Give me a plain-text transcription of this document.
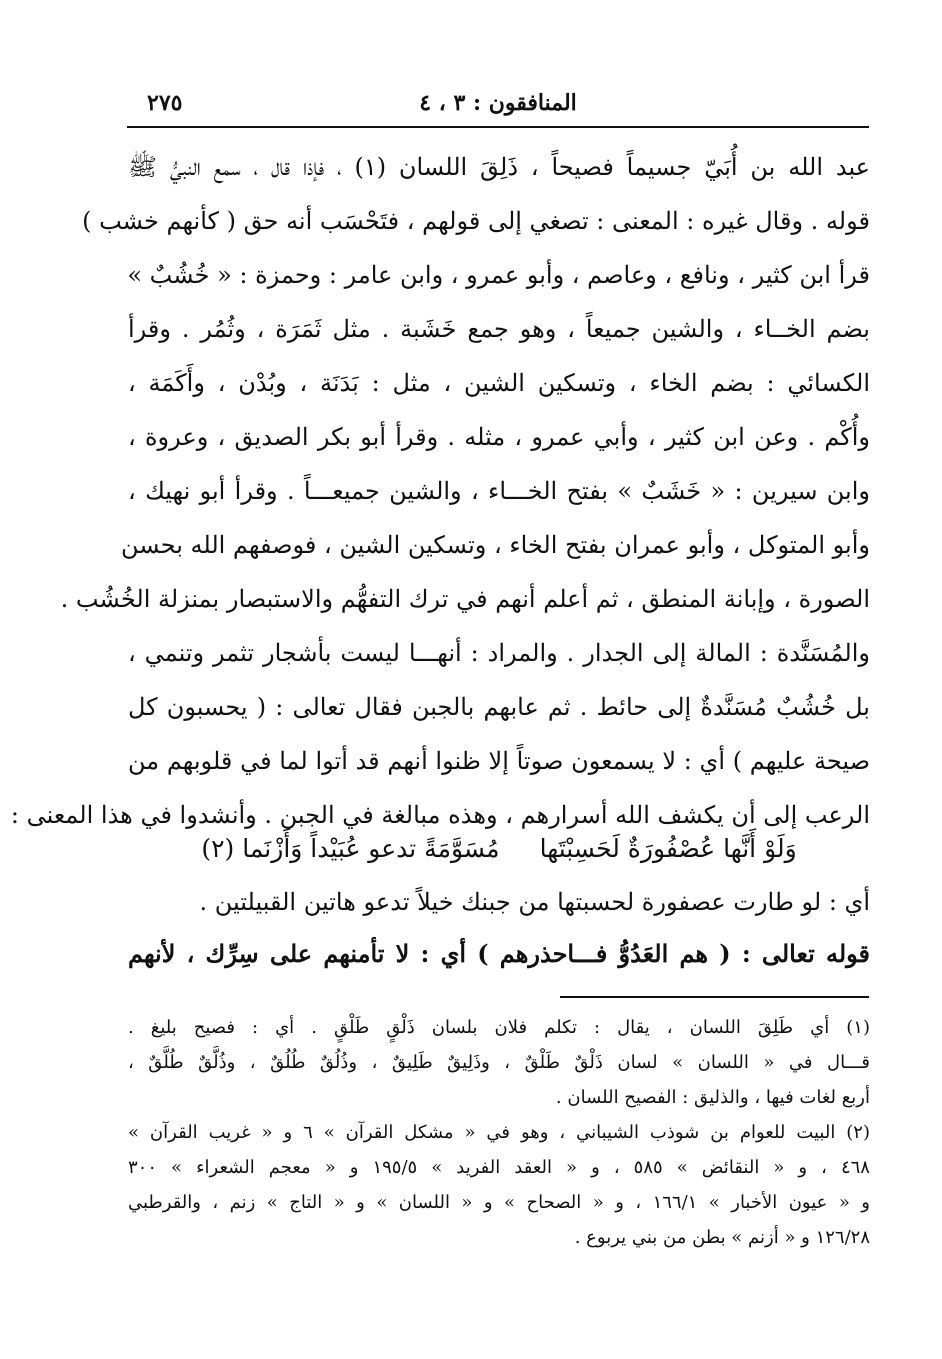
٢٧٥	المنافقون : ٣ ، ٤
عبد الله بن أُبَيّ جسيماً فصيحاً ، ذَلِقَ اللسان (١) ، فإذا قال ، سمع النبيُّ ﷺ
قوله . وقال غيره : المعنى : تصغي إلى قولهم ، فتَحْسَب أنه حق ( كأنهم خشب )
قرأ ابن كثير ، ونافع ، وعاصم ، وأبو عمرو ، وابن عامر : وحمزة : « خُشُبٌ »
بضم الخــاء ، والشين جميعاً ، وهو جمع خَشَبة . مثل ثَمَرَة ، وثُمُر . وقرأ
الكسائي : بضم الخاء ، وتسكين الشين ، مثل : بَدَنَة ، وبُدْن ، وأَكَمَة ،
وأُكْم . وعن ابن كثير ، وأبي عمرو ، مثله . وقرأ أبو بكر الصديق ، وعروة ،
وابن سيرين : « خَشَبٌ » بفتح الخـــاء ، والشين جميعـــاً . وقرأ أبو نهيك ،
وأبو المتوكل ، وأبو عمران بفتح الخاء ، وتسكين الشين ، فوصفهم الله بحسن
الصورة ، وإبانة المنطق ، ثم أعلم أنهم في ترك التفهُّم والاستبصار بمنزلة الخُشُب .
والمُسَنَّدة : المالة إلى الجدار . والمراد : أنهـــا ليست بأشجار تثمر وتنمي ،
بل خُشُبٌ مُسَنَّدةٌ إلى حائط . ثم عابهم بالجبن فقال تعالى : ( يحسبون كل
صيحة عليهم ) أي : لا يسمعون صوتاً إلا ظنوا أنهم قد أتوا لما في قلوبهم من
الرعب إلى أن يكشف الله أسرارهم ، وهذه مبالغة في الجبن . وأنشدوا في هذا المعنى :
وَلَوْ أَنَّها عُصْفُورَةٌ لَحَسِبْتَهامُسَوَّمَةً تدعو عُبَيْداً وَأَزْنَما (٢)
أي : لو طارت عصفورة لحسبتها من جبنك خيلاً تدعو هاتين القبيلتين .
قوله تعالى : ( هم العَدُوُّ فـــاحذرهم ) أي : لا تأمنهم على سِرِّك ، لأنهم
(١) أي طَلِقَ اللسان ، يقال : تكلم فلان بلسان ذَلْقٍ طَلْقٍ . أي : فصيح بليغ .
قـــال في « اللسان » لسان ذَلْقٌ طَلْقٌ ، وذَلِيقٌ طَلِيقٌ ، وذُلُقٌ طُلُقٌ ، وذُلَّقٌ طُلَّقٌ ،
أربع لغات فيها ، والذليق : الفصيح اللسان .
(٢) البيت للعوام بن شوذب الشيباني ، وهو في « مشكل القرآن » ٦ و « غريب القرآن »
٤٦٨ ، و « النقائض » ٥٨٥ ، و « العقد الفريد » ١٩٥/٥ و « معجم الشعراء » ٣٠٠
و « عيون الأخبار » ١٦٦/١ ، و « الصحاح » و « اللسان » و « التاج » زنم ، والقرطبي
١٢٦/٢٨ و « أزنم » بطن من بني يربوع .
